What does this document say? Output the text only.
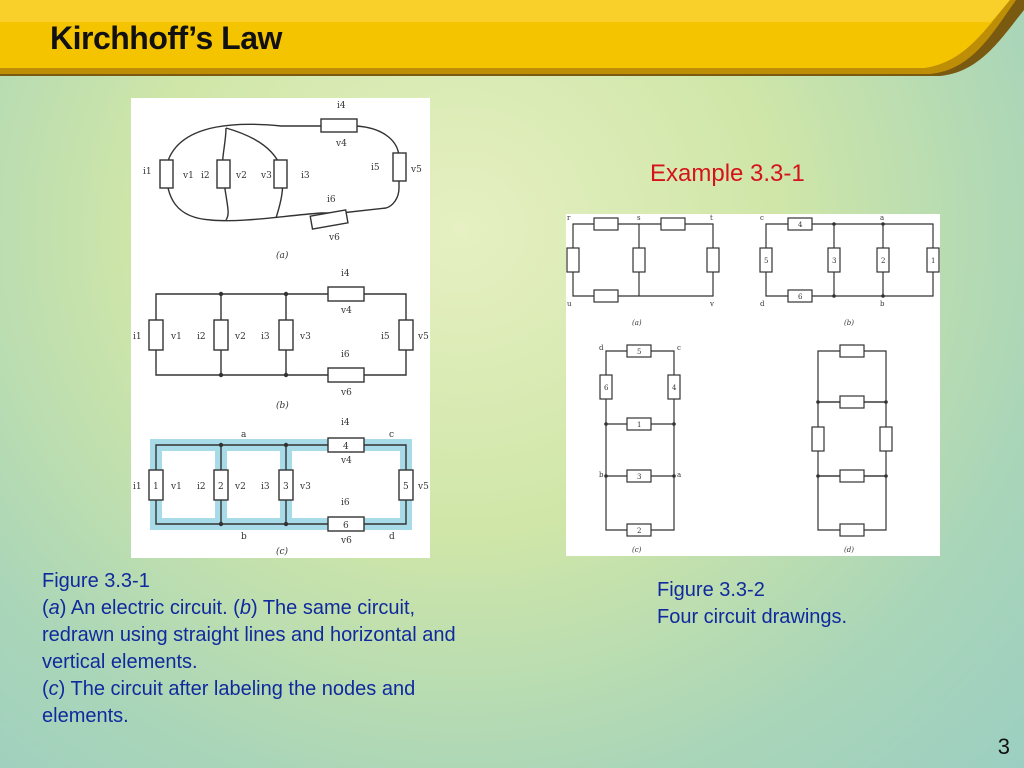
Kirchhoff’s Law
Example 3.3-1
i4
v4
i5	v5
i1	v1 i2	v2 v3	i3
i6
v6
(a)
i4
v4
i1	v1 i2	v2 i3	v3	i5	v5
i6
v6
(b)
1	2	3
4
5
6
a
b
c
d
i4
v4
i1	v1 i2	v2 i3	v3	v5
i6
v6
(c)
r	s	t
u	v
(a)
c	a
d	b
4
5	3	2	1
6
(b)
d	c
b	a
5
6	4
1
3
2
(c)	(d)
Figure 3.3-1
(a) An electric circuit. (b) The same circuit,
redrawn using straight lines and horizontal and
vertical elements.
(c) The circuit after labeling the nodes and
elements.
Figure 3.3-2
Four circuit drawings.
3
